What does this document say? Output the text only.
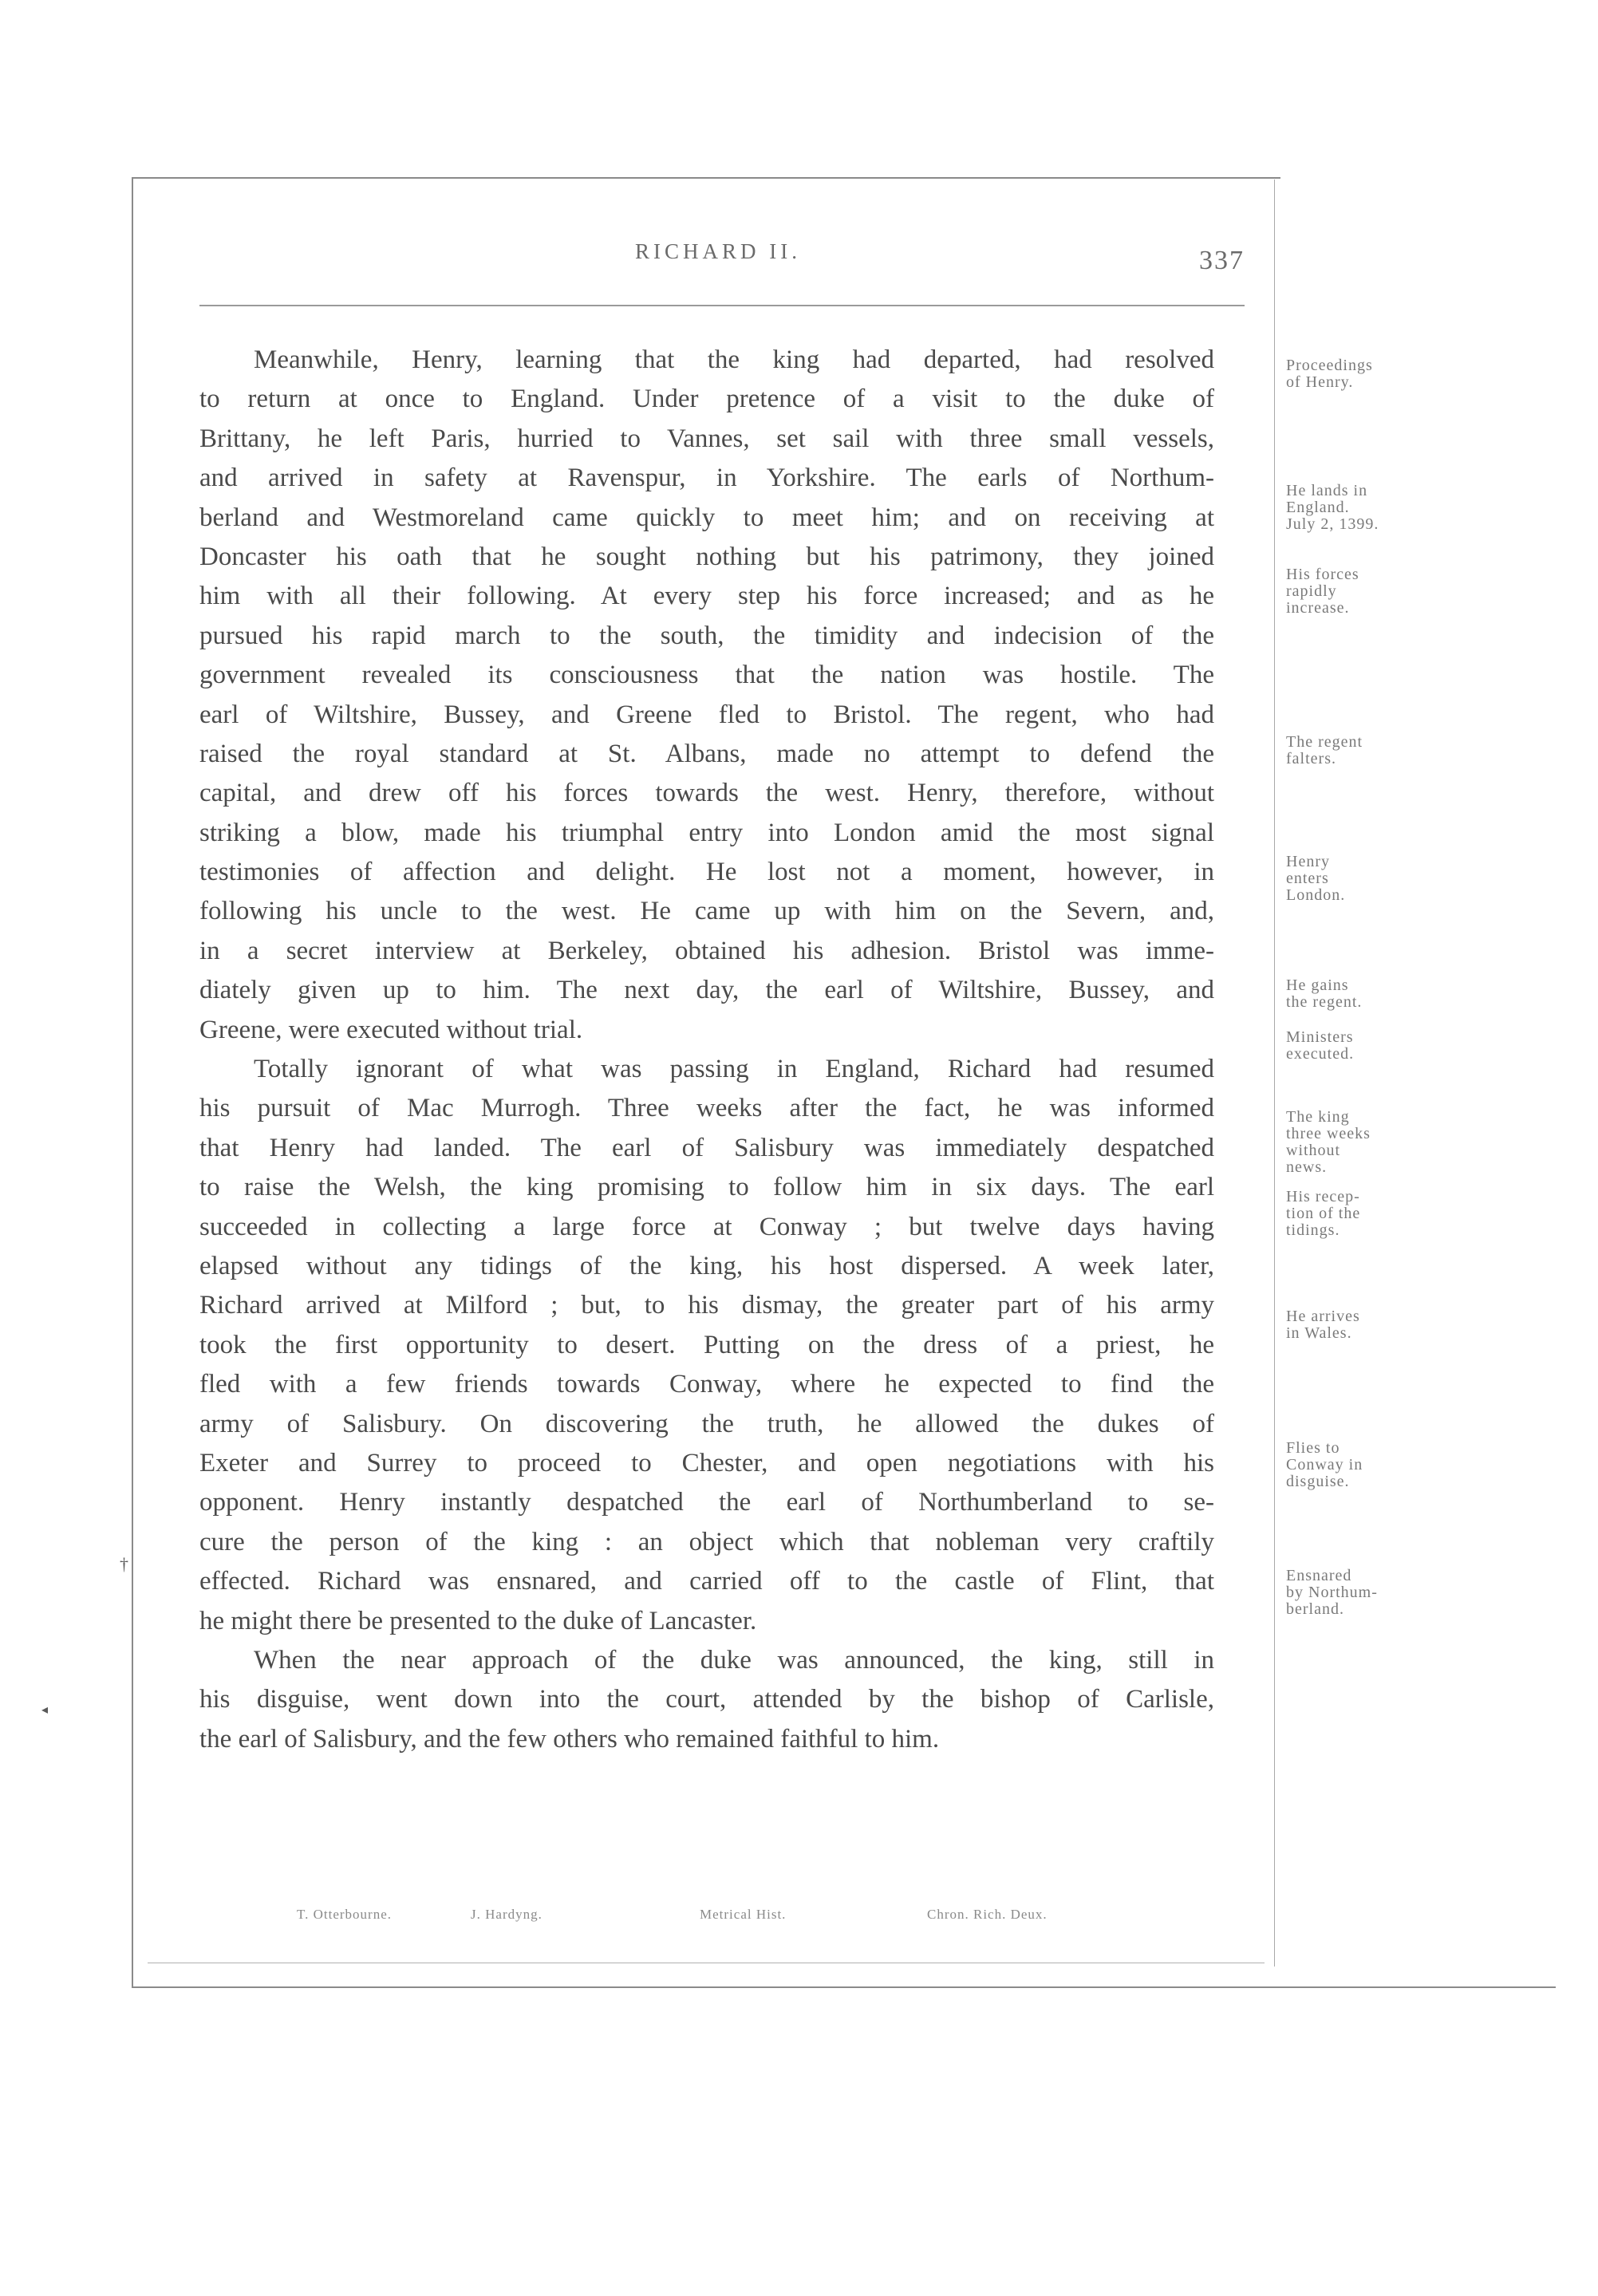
RICHARD II.	337
Meanwhile, Henry, learning that the king had departed, had resolved
to return at once to England. Under pretence of a visit to the duke of
Brittany, he left Paris, hurried to Vannes, set sail with three small vessels,
and arrived in safety at Ravenspur, in Yorkshire. The earls of Northum-
berland and Westmoreland came quickly to meet him; and on receiving at
Doncaster his oath that he sought nothing but his patrimony, they joined
him with all their following. At every step his force increased; and as he
pursued his rapid march to the south, the timidity and indecision of the
government revealed its consciousness that the nation was hostile. The
earl of Wiltshire, Bussey, and Greene fled to Bristol. The regent, who had
raised the royal standard at St. Albans, made no attempt to defend the
capital, and drew off his forces towards the west. Henry, therefore, without
striking a blow, made his triumphal entry into London amid the most signal
testimonies of affection and delight. He lost not a moment, however, in
following his uncle to the west. He came up with him on the Severn, and,
in a secret interview at Berkeley, obtained his adhesion. Bristol was imme-
diately given up to him. The next day, the earl of Wiltshire, Bussey, and
Greene, were executed without trial.
Totally ignorant of what was passing in England, Richard had resumed
his pursuit of Mac Murrogh. Three weeks after the fact, he was informed
that Henry had landed. The earl of Salisbury was immediately despatched
to raise the Welsh, the king promising to follow him in six days. The earl
succeeded in collecting a large force at Conway ; but twelve days having
elapsed without any tidings of the king, his host dispersed. A week later,
Richard arrived at Milford ; but, to his dismay, the greater part of his army
took the first opportunity to desert. Putting on the dress of a priest, he
fled with a few friends towards Conway, where he expected to find the
army of Salisbury. On discovering the truth, he allowed the dukes of
Exeter and Surrey to proceed to Chester, and open negotiations with his
opponent. Henry instantly despatched the earl of Northumberland to se-
cure the person of the king : an object which that nobleman very craftily
effected. Richard was ensnared, and carried off to the castle of Flint, that
he might there be presented to the duke of Lancaster.
When the near approach of the duke was announced, the king, still in
his disguise, went down into the court, attended by the bishop of Carlisle,
the earl of Salisbury, and the few others who remained faithful to him.
Proceedings
of Henry.
He lands in
England.
July 2, 1399.
His forces
rapidly
increase.
The regent
falters.
Henry
enters
London.
He gains
the regent.
Ministers
executed.
The king
three weeks
without
news.
His recep-
tion of the
tidings.
He arrives
in Wales.
Flies to
Conway in
disguise.
Ensnared
by Northum-
berland.
T. Otterbourne.	J. Hardyng.	Metrical Hist.	Chron. Rich. Deux.
†
◂
